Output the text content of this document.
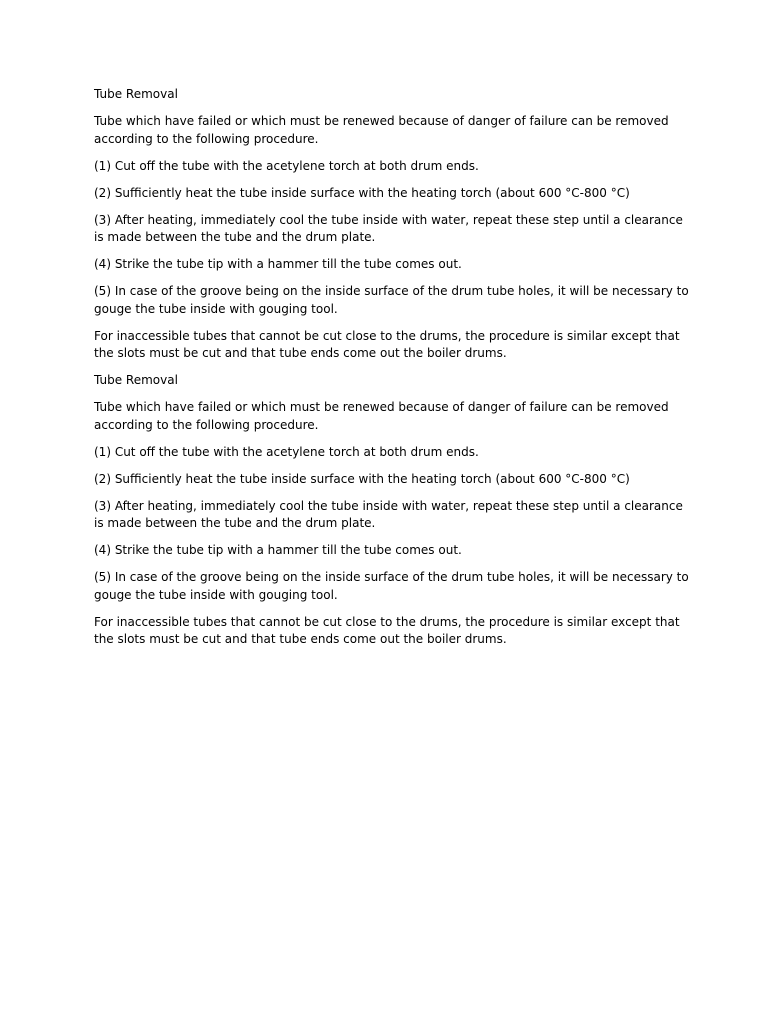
Tube Removal

Tube which have failed or which must be renewed because of danger of failure can be removed according to the following procedure.

(1) Cut off the tube with the acetylene torch at both drum ends.

(2) Sufficiently heat the tube inside surface with the heating torch (about 600 °C-800 °C)

(3) After heating, immediately cool the tube inside with water, repeat these step until a clearance is made between the tube and the drum plate.

(4) Strike the tube tip with a hammer till the tube comes out.

(5) In case of the groove being on the inside surface of the drum tube holes, it will be necessary to gouge the tube inside with gouging tool.

For inaccessible tubes that cannot be cut close to the drums, the procedure is similar except that the slots must be cut and that tube ends come out the boiler drums.

Tube Removal

Tube which have failed or which must be renewed because of danger of failure can be removed according to the following procedure.

(1) Cut off the tube with the acetylene torch at both drum ends.

(2) Sufficiently heat the tube inside surface with the heating torch (about 600 °C-800 °C)

(3) After heating, immediately cool the tube inside with water, repeat these step until a clearance is made between the tube and the drum plate.

(4) Strike the tube tip with a hammer till the tube comes out.

(5) In case of the groove being on the inside surface of the drum tube holes, it will be necessary to gouge the tube inside with gouging tool.

For inaccessible tubes that cannot be cut close to the drums, the procedure is similar except that the slots must be cut and that tube ends come out the boiler drums.
